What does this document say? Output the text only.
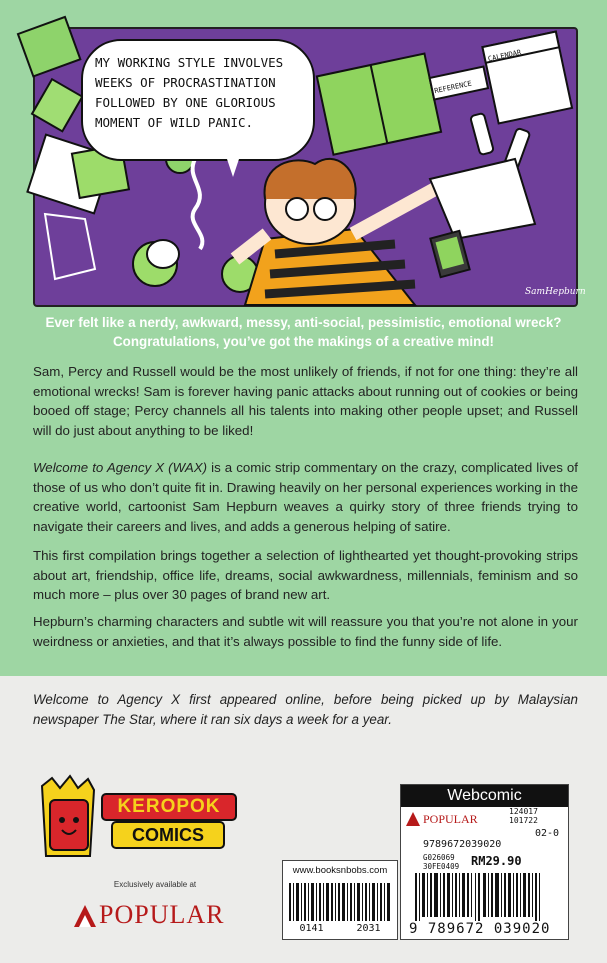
SamHepburn
CALENDAR
REFERENCE
MY WORKING STYLE INVOLVES WEEKS OF PROCRASTINATION FOLLOWED BY ONE GLORIOUS MOMENT OF WILD PANIC.
Ever felt like a nerdy, awkward, messy, anti-social, pessimistic, emotional wreck?
Congratulations, you’ve got the makings of a creative mind!
Sam, Percy and Russell would be the most unlikely of friends, if not for one thing: they’re all emotional wrecks! Sam is forever having panic attacks about running out of cookies or being booed off stage; Percy channels all his talents into making other people upset; and Russell will do just about anything to be liked!
Welcome to Agency X (WAX) is a comic strip commentary on the crazy, complicated lives of those of us who don’t quite fit in. Drawing heavily on her personal experiences working in the creative world, cartoonist Sam Hepburn weaves a quirky story of three friends trying to navigate their careers and lives, and adds a generous helping of satire.
This first compilation brings together a selection of lighthearted yet thought-provoking strips about art, friendship, office life, dreams, social awkwardness, millennials, feminism and so much more – plus over 30 pages of brand new art.
Hepburn’s charming characters and subtle wit will reassure you that you’re not alone in your weirdness or anxieties, and that it’s always possible to find the funny side of life.
Welcome to Agency X first appeared online, before being picked up by Malaysian newspaper The Star, where it ran six days a week for a year.
KEROPOK
COMICS
Exclusively available at
POPULAR
www.booksnbobs.com
0141	2031
Webcomic
POPULAR
124017
101722
02-0
9789672039020
G026069
30FE0409 RM29.90
9 789672 039020
